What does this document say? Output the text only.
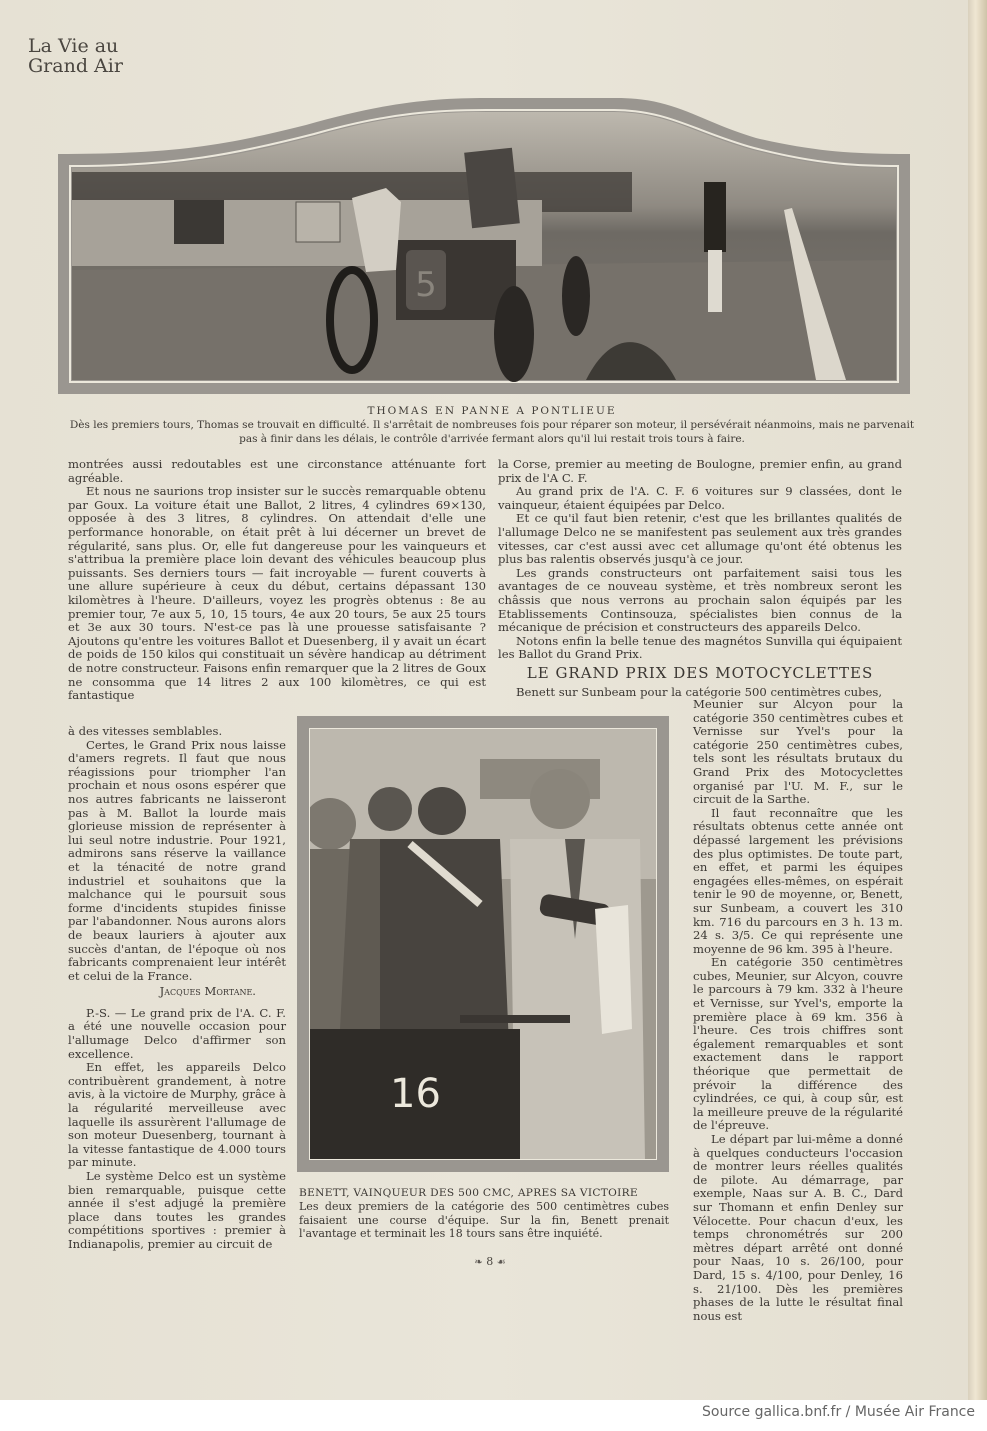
La Vie au
Grand Air
5
THOMAS EN PANNE A PONTLIEUE
Dès les premiers tours, Thomas se trouvait en difficulté. Il s'arrêtait de nombreuses fois pour réparer son moteur, il persévérait néanmoins, mais ne parvenait pas à finir dans les délais, le contrôle d'arrivée fermant alors qu'il lui restait trois tours à faire.

montrées aussi redoutables est une circonstance atténuante fort agréable.

Et nous ne saurions trop insister sur le succès remarquable obtenu par Goux. La voiture était une Ballot, 2 litres, 4 cylindres 69×130, opposée à des 3 litres, 8 cylindres. On attendait d'elle une performance honorable, on était prêt à lui décerner un brevet de régularité, sans plus. Or, elle fut dangereuse pour les vainqueurs et s'attribua la première place loin devant des véhicules beaucoup plus puissants. Ses derniers tours — fait incroyable — furent couverts à une allure supérieure à ceux du début, certains dépassant 130 kilomètres à l'heure. D'ailleurs, voyez les progrès obtenus : 8e au premier tour, 7e aux 5, 10, 15 tours, 4e aux 20 tours, 5e aux 25 tours et 3e aux 30 tours. N'est-ce pas là une prouesse satisfaisante ? Ajoutons qu'entre les voitures Ballot et Duesenberg, il y avait un écart de poids de 150 kilos qui constituait un sévère handicap au détriment de notre constructeur. Faisons enfin remarquer que la 2 litres de Goux ne consomma que 14 litres 2 aux 100 kilomètres, ce qui est fantastique

à des vitesses semblables.

Certes, le Grand Prix nous laisse d'amers regrets. Il faut que nous réagissions pour triompher l'an prochain et nous osons espérer que nos autres fabricants ne laisseront pas à M. Ballot la lourde mais glorieuse mission de représenter à lui seul notre industrie. Pour 1921, admirons sans réserve la vaillance et la ténacité de notre grand industriel et souhaitons que la malchance qui le poursuit sous forme d'incidents stupides finisse par l'abandonner. Nous aurons alors de beaux lauriers à ajouter aux succès d'antan, de l'époque où nos fabricants comprenaient leur intérêt et celui de la France.

Jacques Mortane.

P.-S. — Le grand prix de l'A. C. F. a été une nouvelle occasion pour l'allumage Delco d'affirmer son excellence.

En effet, les appareils Delco contribuèrent grandement, à notre avis, à la victoire de Murphy, grâce à la régularité merveilleuse avec laquelle ils assurèrent l'allumage de son moteur Duesenberg, tournant à la vitesse fantastique de 4.000 tours par minute.

Le système Delco est un système bien remarquable, puisque cette année il s'est adjugé la première place dans toutes les grandes compétitions sportives : premier à Indianapolis, premier au circuit de

la Corse, premier au meeting de Boulogne, premier enfin, au grand prix de l'A C. F.

Au grand prix de l'A. C. F. 6 voitures sur 9 classées, dont le vainqueur, étaient équipées par Delco.

Et ce qu'il faut bien retenir, c'est que les brillantes qualités de l'allumage Delco ne se manifestent pas seulement aux très grandes vitesses, car c'est aussi avec cet allumage qu'ont été obtenus les plus bas ralentis observés jusqu'à ce jour.

Les grands constructeurs ont parfaitement saisi tous les avantages de ce nouveau système, et très nombreux seront les châssis que nous verrons au prochain salon équipés par les Etablissements Continsouza, spécialistes bien connus de la mécanique de précision et constructeurs des appareils Delco.

Notons enfin la belle tenue des magnétos Sunvilla qui équipaient les Ballot du Grand Prix.

LE GRAND PRIX DES MOTOCYCLETTES
Benett sur Sunbeam pour la catégorie 500 centimètres cubes,

Meunier sur Alcyon pour la catégorie 350 centimètres cubes et Vernisse sur Yvel's pour la catégorie 250 centimètres cubes, tels sont les résultats brutaux du Grand Prix des Motocyclettes organisé par l'U. M. F., sur le circuit de la Sarthe.

Il faut reconnaître que les résultats obtenus cette année ont dépassé largement les prévisions des plus optimistes. De toute part, en effet, et parmi les équipes engagées elles-mêmes, on espérait tenir le 90 de moyenne, or, Benett, sur Sunbeam, a couvert les 310 km. 716 du parcours en 3 h. 13 m. 24 s. 3/5. Ce qui représente une moyenne de 96 km. 395 à l'heure.

En catégorie 350 centimètres cubes, Meunier, sur Alcyon, couvre le parcours à 79 km. 332 à l'heure et Vernisse, sur Yvel's, emporte la première place à 69 km. 356 à l'heure. Ces trois chiffres sont également remarquables et sont exactement dans le rapport théorique que permettait de prévoir la différence des cylindrées, ce qui, à coup sûr, est la meilleure preuve de la régularité de l'épreuve.

Le départ par lui-même a donné à quelques conducteurs l'occasion de montrer leurs réelles qualités de pilote. Au démarrage, par exemple, Naas sur A. B. C., Dard sur Thomann et enfin Denley sur Vélocette. Pour chacun d'eux, les temps chronométrés sur 200 mètres départ arrêté ont donné pour Naas, 10 s. 26/100, pour Dard, 15 s. 4/100, pour Denley, 16 s. 21/100. Dès les premières phases de la lutte le résultat final nous est

16
BENETT, VAINQUEUR DES 500 CMC, APRES SA VICTOIRE
Les deux premiers de la catégorie des 500 centimètres cubes faisaient une course d'équipe. Sur la fin, Benett prenait l'avantage et terminait les 18 tours sans être inquiété.
❧ 8 ☙
Source gallica.bnf.fr / Musée Air France
